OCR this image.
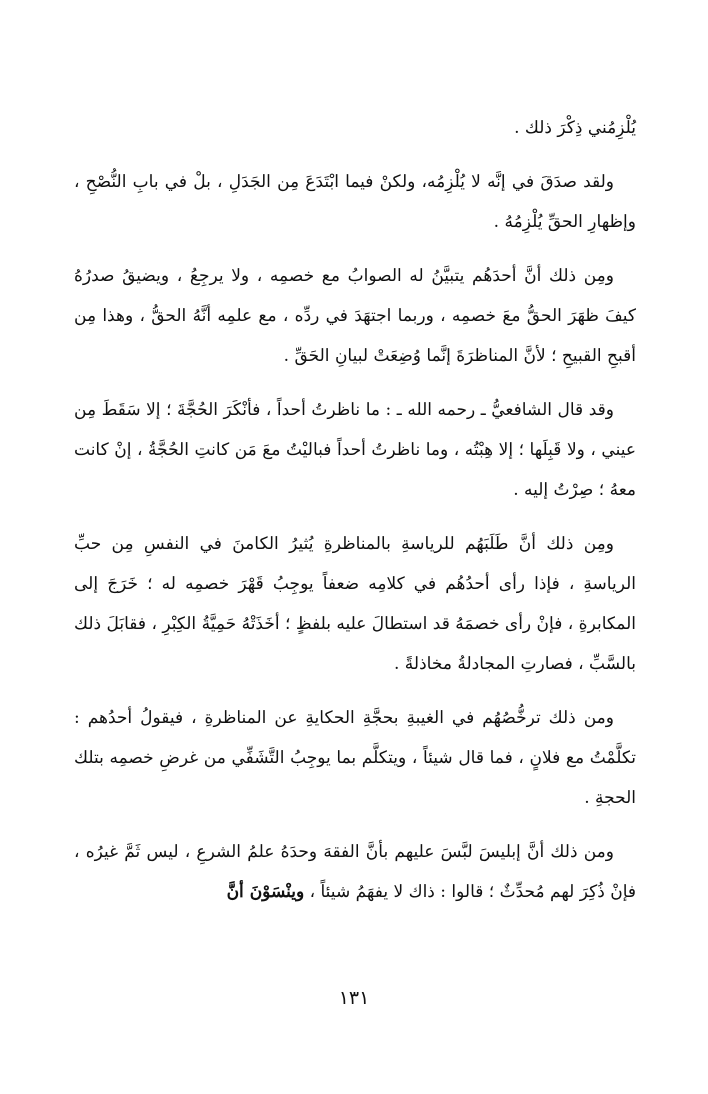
يُلْزِمُني ذِكْرَ ذلك .

ولقد صدَقَ في إنَّه لا يُلْزِمُه، ولكنْ فيما ابْتَدَعَ مِن الجَدَلِ ، بلْ في بابِ النُّصْحِ ، وإظهارِ الحقِّ يُلْزِمُهُ .

ومِن ذلك أنَّ أحدَهُم يتبيَّنُ له الصوابُ مع خصمِه ، ولا يرجِعُ ، ويضيقُ صدرُهُ كيفَ ظهَرَ الحقُّ معَ خصمِه ، وربما اجتهَدَ في ردِّه ، مع علمِه أنَّهُ الحقُّ ، وهذا مِن أقبحِ القبيحِ ؛ لأنَّ المناظرَةَ إنَّما وُضِعَتْ لبيانِ الحَقِّ .

وقد قال الشافعيُّ ـ رحمه الله ـ : ما ناظرتُ أحداً ، فأنْكَرَ الحُجَّةَ ؛ إلا سَقَطَ مِن عيني ، ولا قَبِلَها ؛ إلا هِبْتُه ، وما ناظرتُ أحداً فباليْتُ معَ مَن كانتِ الحُجَّةُ ، إنْ كانت معهُ ؛ صِرْتُ إليه .

ومِن ذلك أنَّ طَلَبَهُم للرياسةِ بالمناظرةِ يُثيرُ الكامنَ في النفسِ مِن حبِّ الرياسةِ ، فإذا رأى أحدُهُم في كلامِه ضعفاً يوجِبُ قَهْرَ خصمِه له ؛ خَرَجَ إلى المكابرةِ ، فإنْ رأى خصمَهُ قد استطالَ عليه بلفظٍ ؛ أخَذَتْهُ حَمِيَّةُ الكِبْرِ ، فقابَلَ ذلك بالسَّبِّ ، فصارتِ المجادلةُ مخاذلةً .

ومن ذلك ترخُّصُهُم في الغيبةِ بحجَّةِ الحكايةِ عن المناظرةِ ، فيقولُ أحدُهم : تكلَّمْتُ مع فلانٍ ، فما قال شيئاً ، ويتكلَّم بما يوجِبُ التَّشَفِّي من غرضِ خصمِه بتلك الحجةِ .

ومن ذلك أنَّ إبليسَ لبَّسَ عليهم بأنَّ الفقهَ وحدَهُ علمُ الشرعِ ، ليس ثَمَّ غيرُه ، فإنْ ذُكِرَ لهم مُحدِّثٌ ؛ قالوا : ذاك لا يفهَمُ شيئاً ، وينْسَوْنَ أنَّ

١٣١
